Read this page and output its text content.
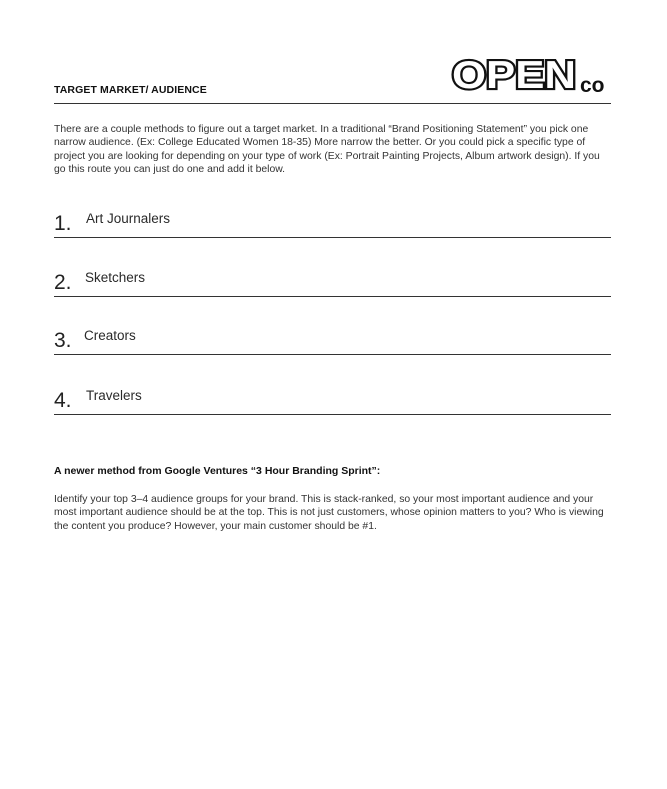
TARGET MARKET/ AUDIENCE	OPEN co
There are a couple methods to figure out a target market. In a traditional “Brand Positioning Statement” you pick one narrow audience. (Ex: College Educated Women 18-35) More narrow the better. Or you could pick a specific type of project you are looking for depending on your type of work (Ex: Portrait Painting Projects, Album artwork design). If you go this route you can just do one and add it below.
1. Art Journalers
2. Sketchers
3. Creators
4. Travelers
A newer method from Google Ventures “3 Hour Branding Sprint”:
Identify your top 3–4 audience groups for your brand. This is stack-ranked, so your most important audience and your most important audience should be at the top. This is not just customers, whose opinion matters to you? Who is viewing the content you produce? However, your main customer should be #1.
